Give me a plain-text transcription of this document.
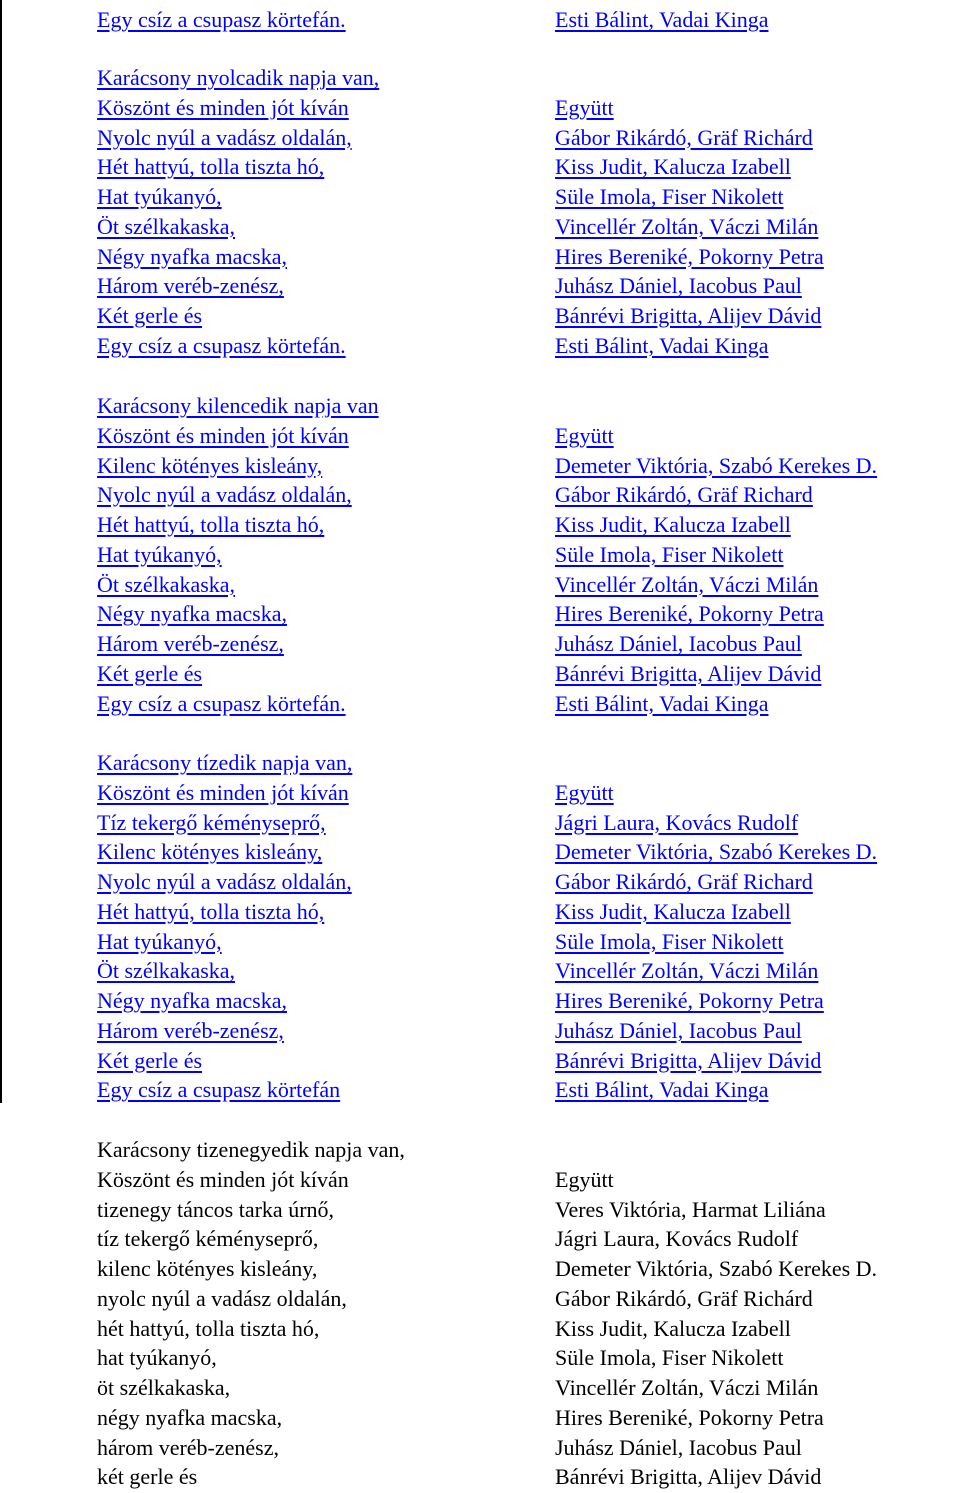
Egy csíz a csupasz körtefán.	Esti Bálint, Vadai Kinga
Karácsony nyolcadik napja van,
Köszönt és minden jót kíván	Együtt
Nyolc nyúl a vadász oldalán,	Gábor Rikárdó, Gräf Richárd
Hét hattyú, tolla tiszta hó,	Kiss Judit, Kalucza Izabell
Hat tyúkanyó,	Süle Imola, Fiser Nikolett
Öt szélkakaska,	Vincellér Zoltán, Váczi Milán
Négy nyafka macska,	Hires Bereniké, Pokorny Petra
Három veréb-zenész,	Juhász Dániel, Iacobus Paul
Két gerle és	Bánrévi Brigitta, Alijev Dávid
Egy csíz a csupasz körtefán.	Esti Bálint, Vadai Kinga
Karácsony kilencedik napja van
Köszönt és minden jót kíván	Együtt
Kilenc kötényes kisleány,	Demeter Viktória, Szabó Kerekes D.
Nyolc nyúl a vadász oldalán,	Gábor Rikárdó, Gräf Richard
Hét hattyú, tolla tiszta hó,	Kiss Judit, Kalucza Izabell
Hat tyúkanyó,	Süle Imola, Fiser Nikolett
Öt szélkakaska,	Vincellér Zoltán, Váczi Milán
Négy nyafka macska,	Hires Bereniké, Pokorny Petra
Három veréb-zenész,	Juhász Dániel, Iacobus Paul
Két gerle és	Bánrévi Brigitta, Alijev Dávid
Egy csíz a csupasz körtefán.	Esti Bálint, Vadai Kinga
Karácsony tízedik napja van,
Köszönt és minden jót kíván	Együtt
Tíz tekergő kéményseprő,	Jágri Laura, Kovács Rudolf
Kilenc kötényes kisleány,	Demeter Viktória, Szabó Kerekes D.
Nyolc nyúl a vadász oldalán,	Gábor Rikárdó, Gräf Richard
Hét hattyú, tolla tiszta hó,	Kiss Judit, Kalucza Izabell
Hat tyúkanyó,	Süle Imola, Fiser Nikolett
Öt szélkakaska,	Vincellér Zoltán, Váczi Milán
Négy nyafka macska,	Hires Bereniké, Pokorny Petra
Három veréb-zenész,	Juhász Dániel, Iacobus Paul
Két gerle és	Bánrévi Brigitta, Alijev Dávid
Egy csíz a csupasz körtefán	Esti Bálint, Vadai Kinga
Karácsony tizenegyedik napja van,
Köszönt és minden jót kíván	Együtt
tizenegy táncos tarka úrnő,	Veres Viktória, Harmat Liliána
tíz tekergő kéményseprő,	Jágri Laura, Kovács Rudolf
kilenc kötényes kisleány,	Demeter Viktória, Szabó Kerekes D.
nyolc nyúl a vadász oldalán,	Gábor Rikárdó, Gräf Richárd
hét hattyú, tolla tiszta hó,	Kiss Judit, Kalucza Izabell
hat tyúkanyó,	Süle Imola, Fiser Nikolett
öt szélkakaska,	Vincellér Zoltán, Váczi Milán
négy nyafka macska,	Hires Bereniké, Pokorny Petra
három veréb-zenész,	Juhász Dániel, Iacobus Paul
két gerle és	Bánrévi Brigitta, Alijev Dávid
